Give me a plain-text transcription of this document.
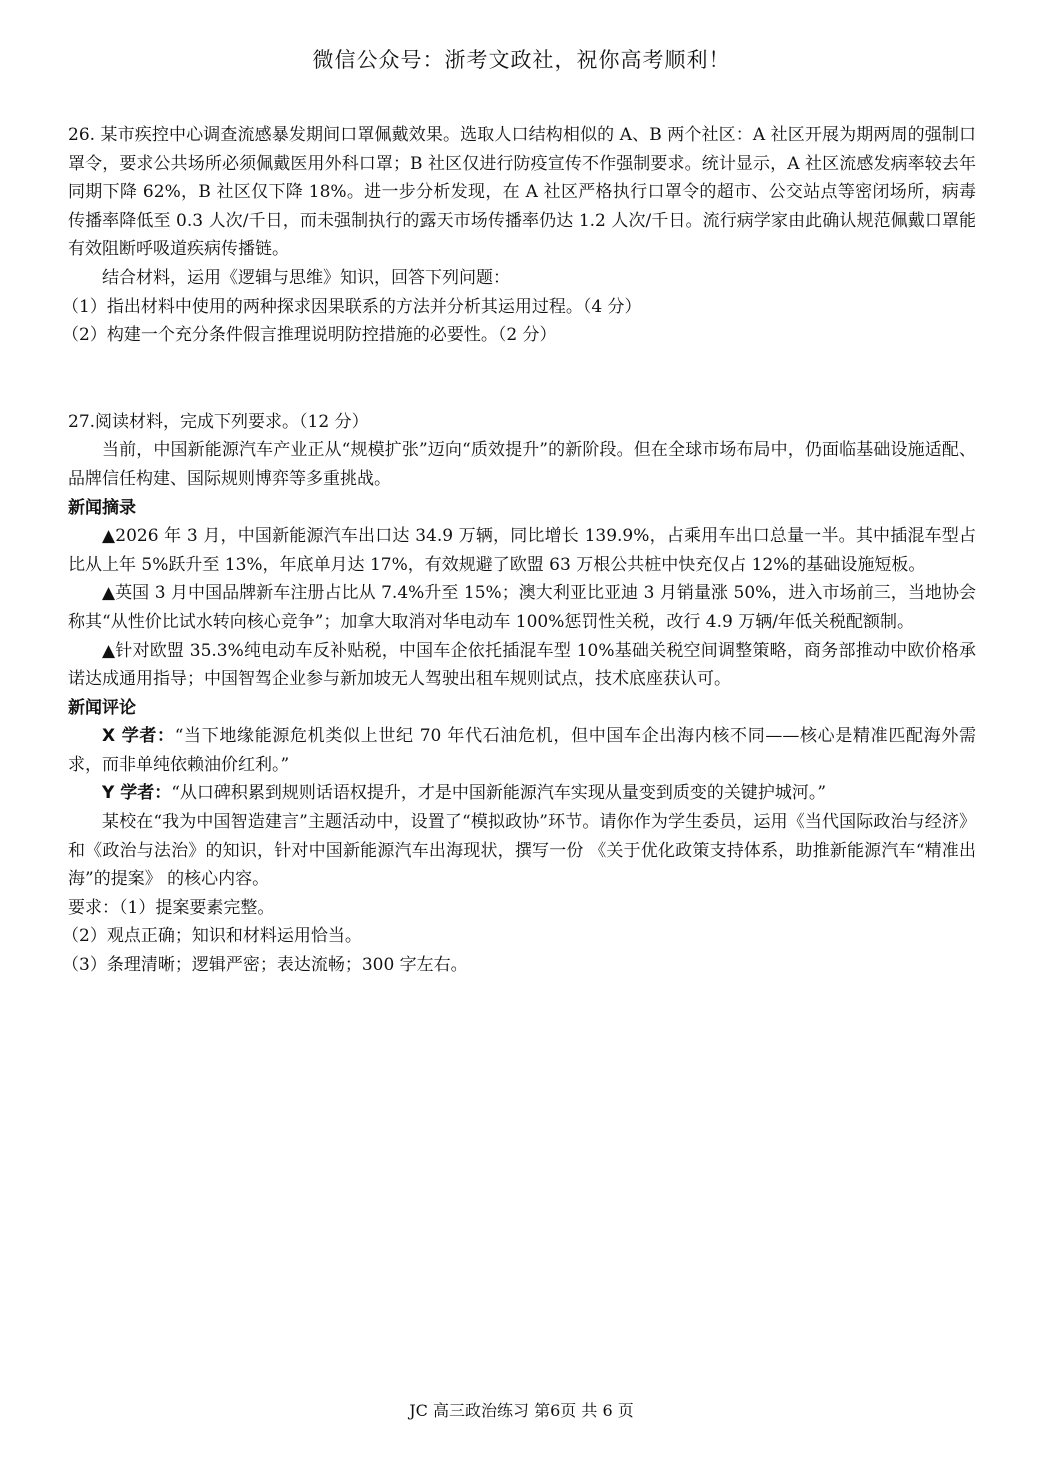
微信公众号：浙考文政社，祝你高考顺利！

26. 某市疾控中心调查流感暴发期间口罩佩戴效果。选取人口结构相似的 A、B 两个社区：A 社区开展为期两周的强制口罩令，要求公共场所必须佩戴医用外科口罩；B 社区仅进行防疫宣传不作强制要求。统计显示，A 社区流感发病率较去年同期下降 62%，B 社区仅下降 18%。进一步分析发现，在 A 社区严格执行口罩令的超市、公交站点等密闭场所，病毒传播率降低至 0.3 人次/千日，而未强制执行的露天市场传播率仍达 1.2 人次/千日。流行病学家由此确认规范佩戴口罩能有效阻断呼吸道疾病传播链。

结合材料，运用《逻辑与思维》知识，回答下列问题：

（1）指出材料中使用的两种探求因果联系的方法并分析其运用过程。（4 分）

（2）构建一个充分条件假言推理说明防控措施的必要性。（2 分）

27.阅读材料，完成下列要求。（12 分）

当前，中国新能源汽车产业正从“规模扩张”迈向“质效提升”的新阶段。但在全球市场布局中，仍面临基础设施适配、品牌信任构建、国际规则博弈等多重挑战。

新闻摘录

▲2026 年 3 月，中国新能源汽车出口达 34.9 万辆，同比增长 139.9%，占乘用车出口总量一半。其中插混车型占比从上年 5%跃升至 13%，年底单月达 17%，有效规避了欧盟 63 万根公共桩中快充仅占 12%的基础设施短板。

▲英国 3 月中国品牌新车注册占比从 7.4%升至 15%；澳大利亚比亚迪 3 月销量涨 50%，进入市场前三，当地协会称其“从性价比试水转向核心竞争”；加拿大取消对华电动车 100%惩罚性关税，改行 4.9 万辆/年低关税配额制。

▲针对欧盟 35.3%纯电动车反补贴税，中国车企依托插混车型 10%基础关税空间调整策略，商务部推动中欧价格承诺达成通用指导；中国智驾企业参与新加坡无人驾驶出租车规则试点，技术底座获认可。

新闻评论

X 学者：“当下地缘能源危机类似上世纪 70 年代石油危机，但中国车企出海内核不同——核心是精准匹配海外需求，而非单纯依赖油价红利。”

Y 学者：“从口碑积累到规则话语权提升，才是中国新能源汽车实现从量变到质变的关键护城河。”

某校在“我为中国智造建言”主题活动中，设置了“模拟政协”环节。请你作为学生委员，运用《当代国际政治与经济》和《政治与法治》的知识，针对中国新能源汽车出海现状，撰写一份 《关于优化政策支持体系，助推新能源汽车“精准出海”的提案》 的核心内容。

要求：（1）提案要素完整。

（2）观点正确；知识和材料运用恰当。

（3）条理清晰；逻辑严密；表达流畅；300 字左右。

JC 高三政治练习 第6页 共 6 页
